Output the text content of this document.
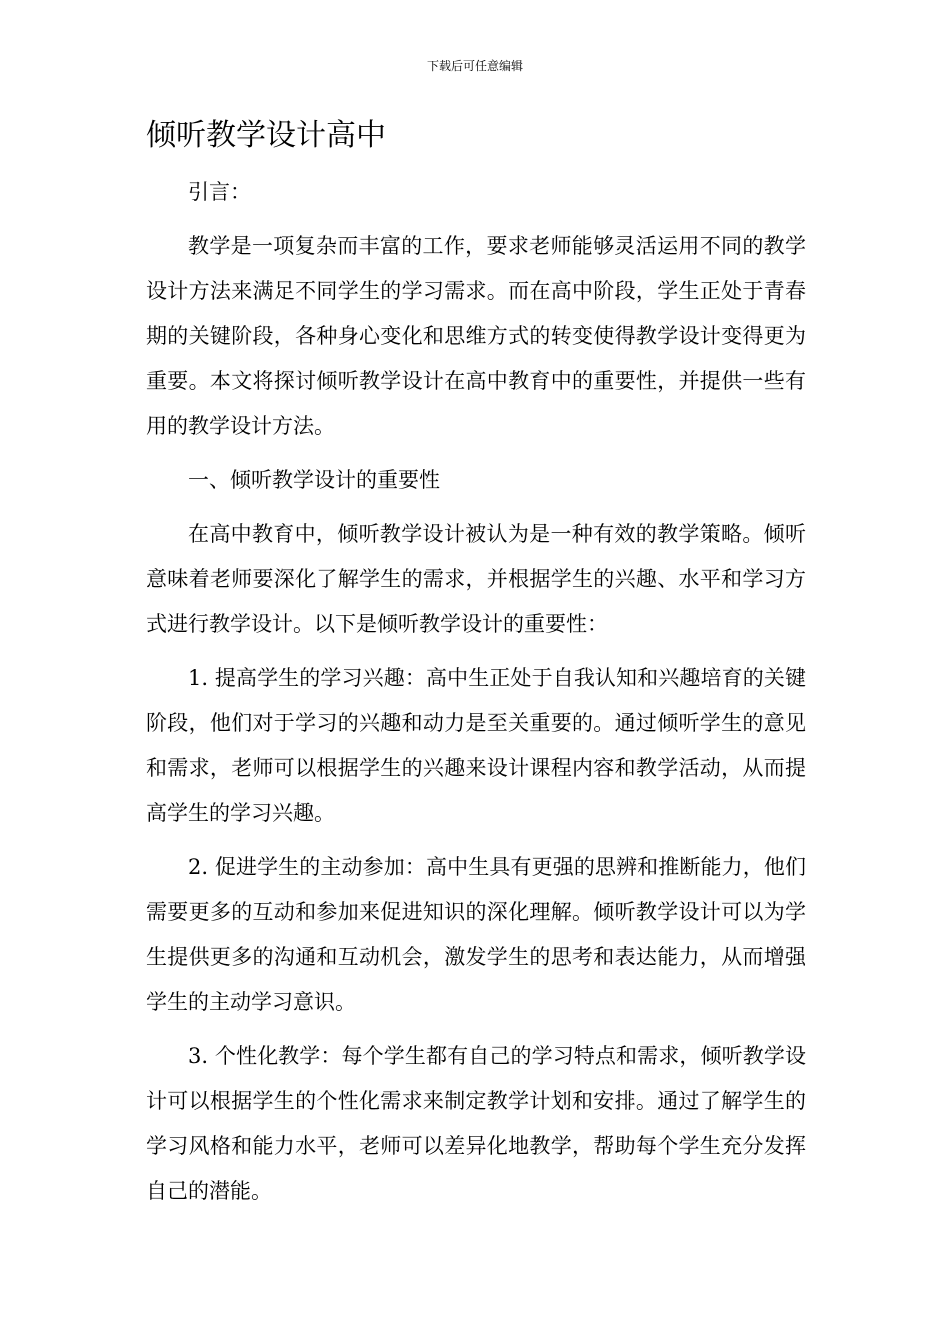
下载后可任意编辑
倾听教学设计高中

引言：

教学是一项复杂而丰富的工作，要求老师能够灵活运用不同的教学设计方法来满足不同学生的学习需求。而在高中阶段，学生正处于青春期的关键阶段，各种身心变化和思维方式的转变使得教学设计变得更为重要。本文将探讨倾听教学设计在高中教育中的重要性，并提供一些有用的教学设计方法。

一、倾听教学设计的重要性

在高中教育中，倾听教学设计被认为是一种有效的教学策略。倾听意味着老师要深化了解学生的需求，并根据学生的兴趣、水平和学习方式进行教学设计。以下是倾听教学设计的重要性：

1. 提高学生的学习兴趣：高中生正处于自我认知和兴趣培育的关键阶段，他们对于学习的兴趣和动力是至关重要的。通过倾听学生的意见和需求，老师可以根据学生的兴趣来设计课程内容和教学活动，从而提高学生的学习兴趣。

2. 促进学生的主动参加：高中生具有更强的思辨和推断能力，他们需要更多的互动和参加来促进知识的深化理解。倾听教学设计可以为学生提供更多的沟通和互动机会，激发学生的思考和表达能力，从而增强学生的主动学习意识。

3. 个性化教学：每个学生都有自己的学习特点和需求，倾听教学设计可以根据学生的个性化需求来制定教学计划和安排。通过了解学生的学习风格和能力水平，老师可以差异化地教学，帮助每个学生充分发挥自己的潜能。
